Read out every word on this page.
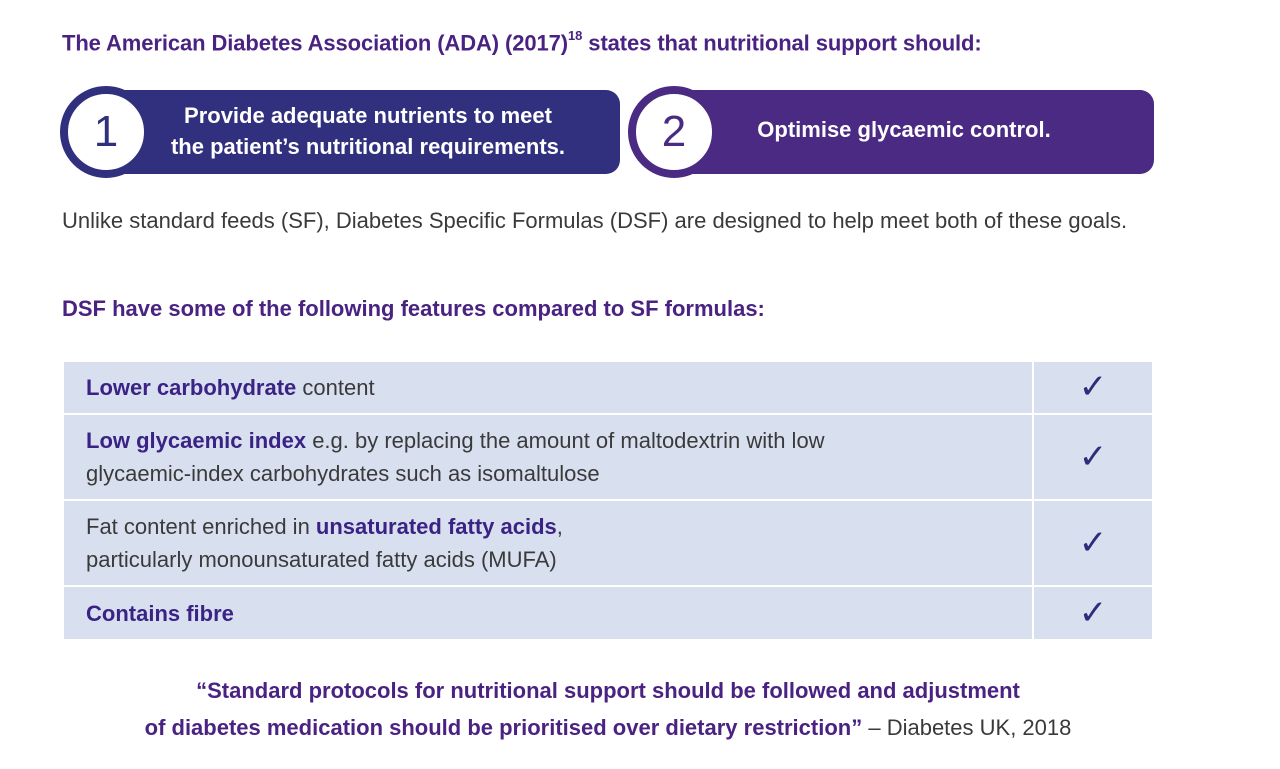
The American Diabetes Association (ADA) $(2017)^{18}$ states that nutritional support should:
Provide adequate nutrients to meet
the patient’s nutritional requirements.
1	Optimise glycaemic control.
2
Unlike standard feeds (SF), Diabetes Specific Formulas (DSF) are designed to help meet both of these goals.
DSF have some of the following features compared to SF formulas:
Lower carbohydrate content	✓
Low glycaemic index e.g. by replacing the amount of maltodextrin with low
glycaemic-index carbohydrates such as isomaltulose	✓
Fat content enriched in unsaturated fatty acids,
particularly monounsaturated fatty acids (MUFA)	✓
Contains fibre	✓
“Standard protocols for nutritional support should be followed and adjustment
of diabetes medication should be prioritised over dietary restriction” – Diabetes UK, 2018
